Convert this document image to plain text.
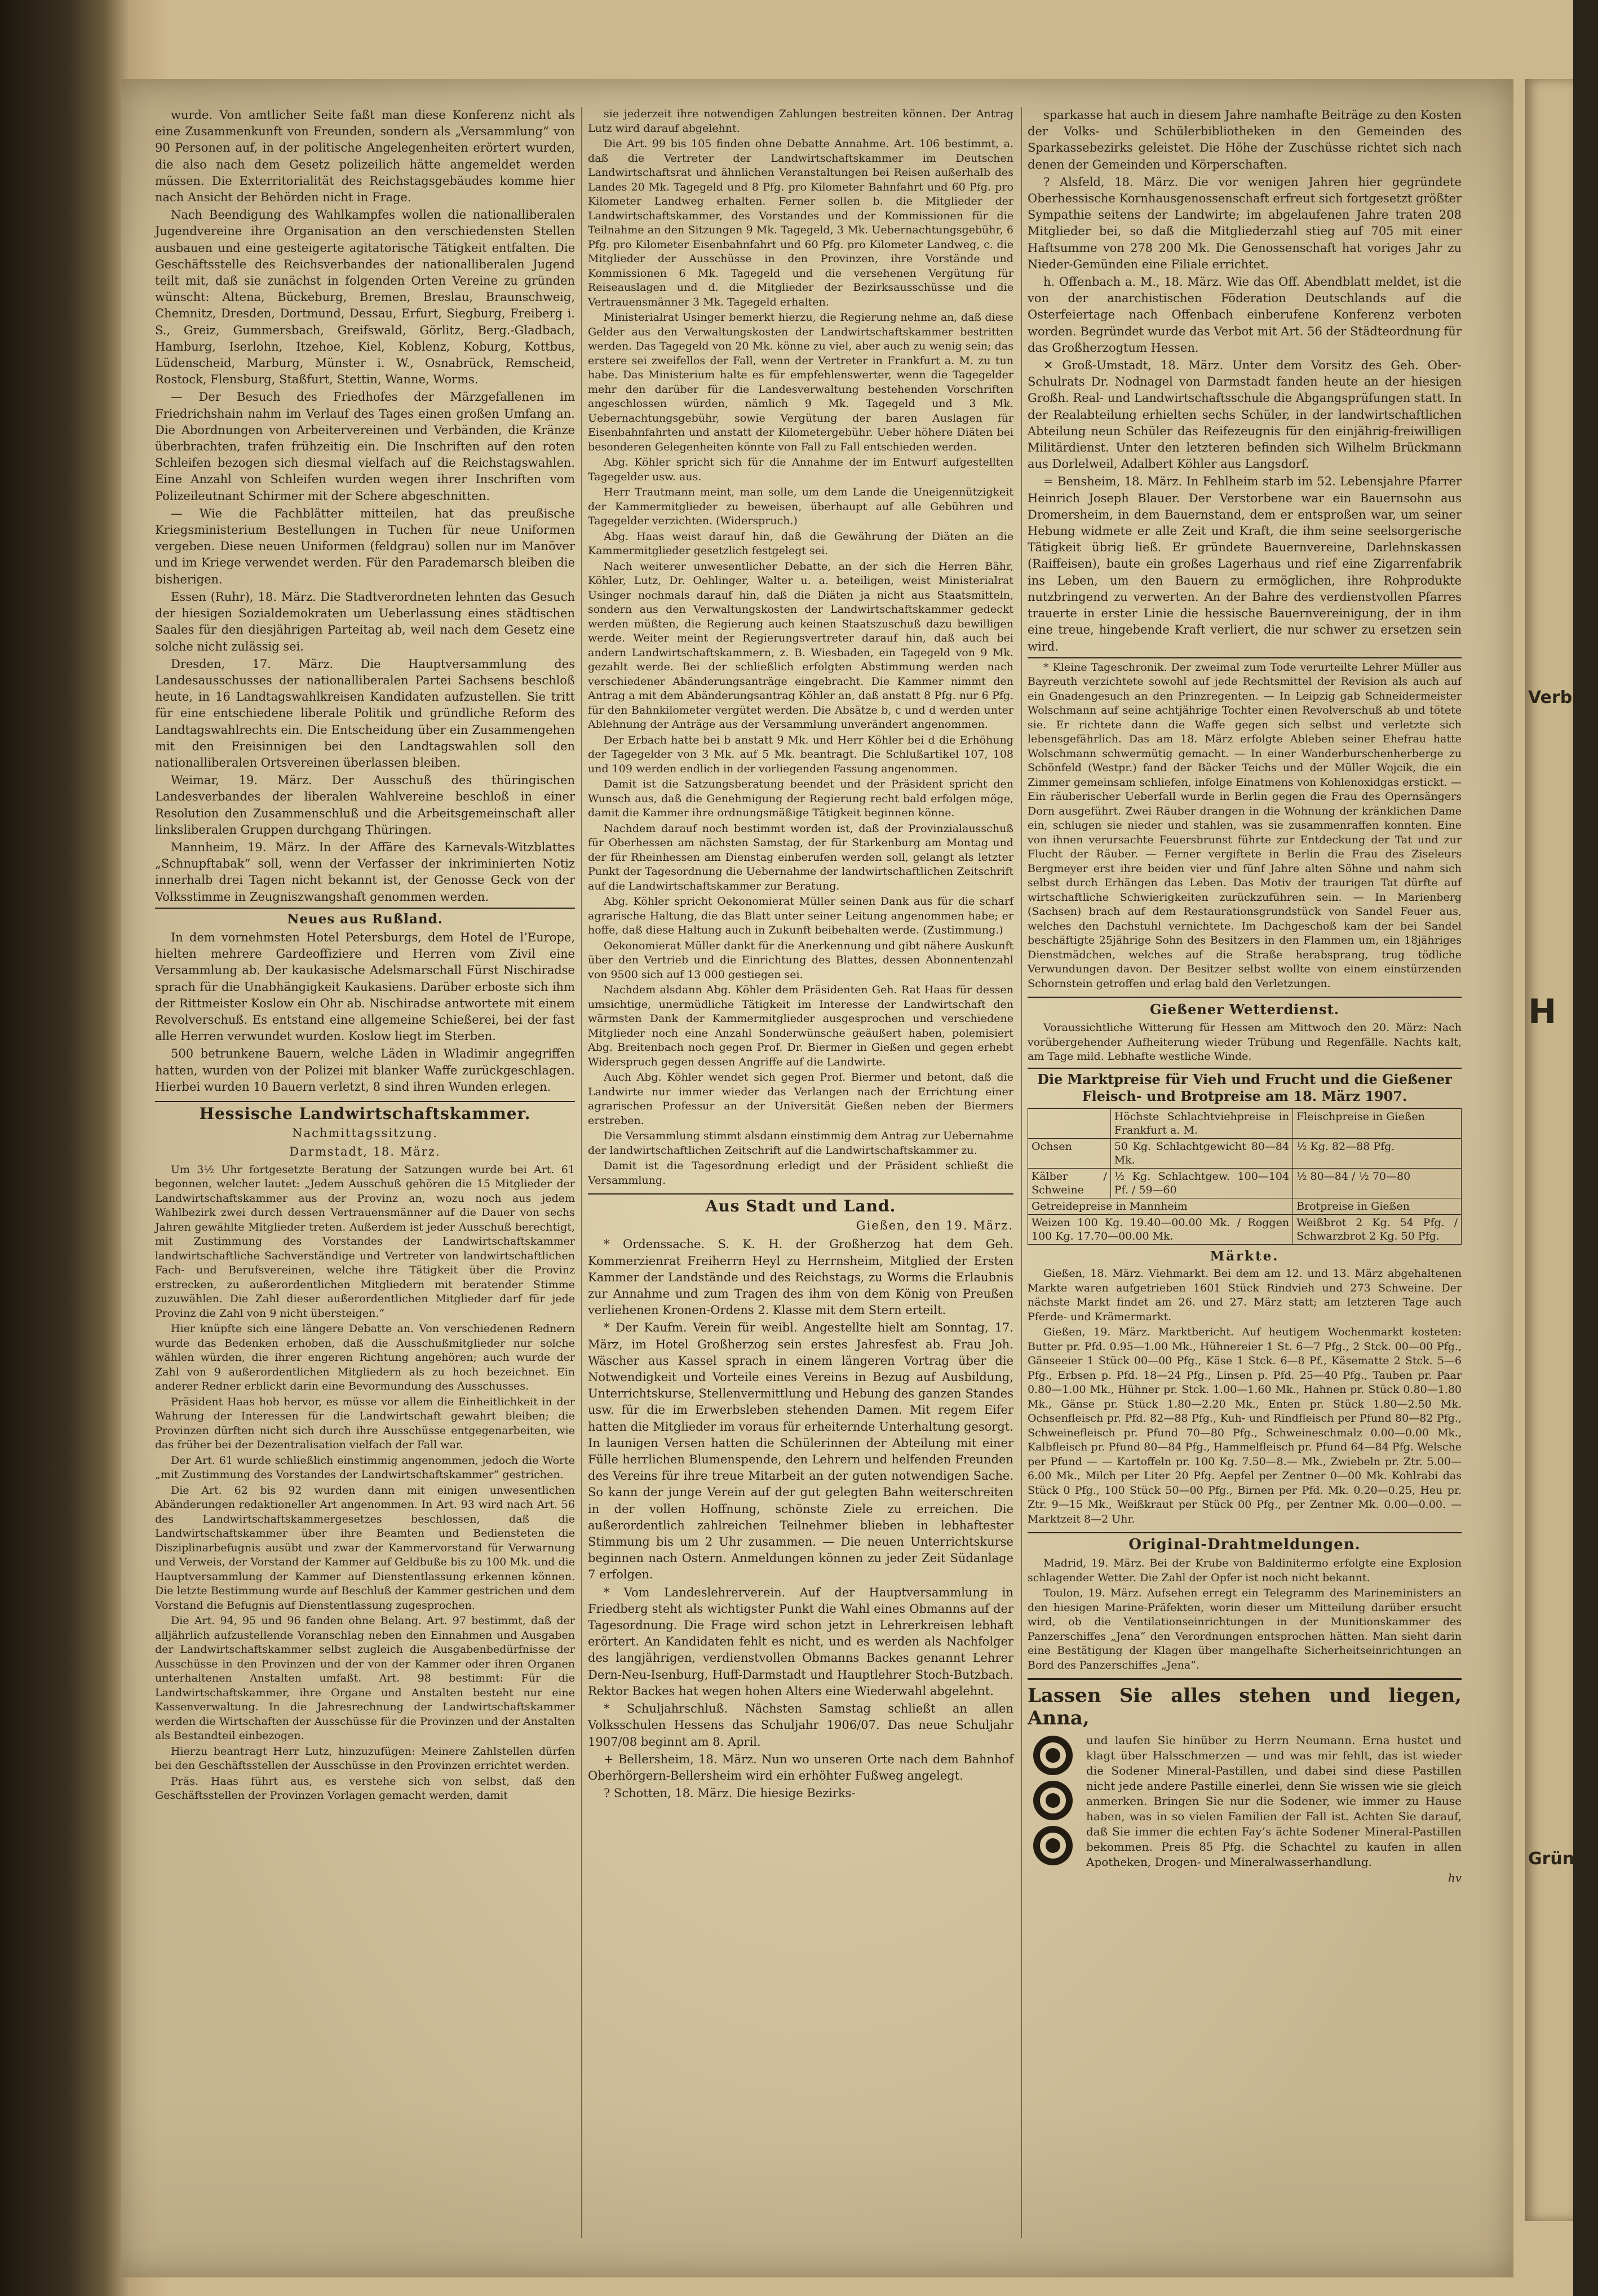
wurde. Von amtlicher Seite faßt man diese Konferenz nicht als eine Zusammenkunft von Freunden, sondern als „Versammlung“ von 90 Personen auf, in der politische Angelegenheiten erörtert wurden, die also nach dem Gesetz polizeilich hätte angemeldet werden müssen. Die Exterritorialität des Reichstagsgebäudes komme hier nach Ansicht der Behörden nicht in Frage.

Nach Beendigung des Wahlkampfes wollen die nationalliberalen Jugendvereine ihre Organisation an den verschiedensten Stellen ausbauen und eine gesteigerte agitatorische Tätigkeit entfalten. Die Geschäftsstelle des Reichsverbandes der nationalliberalen Jugend teilt mit, daß sie zunächst in folgenden Orten Vereine zu gründen wünscht: Altena, Bückeburg, Bremen, Breslau, Braunschweig, Chemnitz, Dresden, Dortmund, Dessau, Erfurt, Siegburg, Freiberg i. S., Greiz, Gummersbach, Greifswald, Görlitz, Berg.-Gladbach, Hamburg, Iserlohn, Itzehoe, Kiel, Koblenz, Koburg, Kottbus, Lüdenscheid, Marburg, Münster i. W., Osnabrück, Remscheid, Rostock, Flensburg, Staßfurt, Stettin, Wanne, Worms.

— Der Besuch des Friedhofes der Märzgefallenen im Friedrichshain nahm im Verlauf des Tages einen großen Umfang an. Die Abordnungen von Arbeitervereinen und Verbänden, die Kränze überbrachten, trafen frühzeitig ein. Die Inschriften auf den roten Schleifen bezogen sich diesmal vielfach auf die Reichstagswahlen. Eine Anzahl von Schleifen wurden wegen ihrer Inschriften vom Polizeileutnant Schirmer mit der Schere abgeschnitten.

— Wie die Fachblätter mitteilen, hat das preußische Kriegsministerium Bestellungen in Tuchen für neue Uniformen vergeben. Diese neuen Uniformen (feldgrau) sollen nur im Manöver und im Kriege verwendet werden. Für den Parademarsch bleiben die bisherigen.

Essen (Ruhr), 18. März. Die Stadtverordneten lehnten das Gesuch der hiesigen Sozialdemokraten um Ueberlassung eines städtischen Saales für den diesjährigen Parteitag ab, weil nach dem Gesetz eine solche nicht zulässig sei.

Dresden, 17. März. Die Hauptversammlung des Landesausschusses der nationalliberalen Partei Sachsens beschloß heute, in 16 Landtagswahlkreisen Kandidaten aufzustellen. Sie tritt für eine entschiedene liberale Politik und gründliche Reform des Landtagswahlrechts ein. Die Entscheidung über ein Zusammengehen mit den Freisinnigen bei den Landtagswahlen soll den nationalliberalen Ortsvereinen überlassen bleiben.

Weimar, 19. März. Der Ausschuß des thüringischen Landesverbandes der liberalen Wahlvereine beschloß in einer Resolution den Zusammenschluß und die Arbeitsgemeinschaft aller linksliberalen Gruppen durchgang Thüringen.

Mannheim, 19. März. In der Affäre des Karnevals-Witzblattes „Schnupftabak“ soll, wenn der Verfasser der inkriminierten Notiz innerhalb drei Tagen nicht bekannt ist, der Genosse Geck von der Volksstimme in Zeugniszwangshaft genommen werden.

Neues aus Rußland.

In dem vornehmsten Hotel Petersburgs, dem Hotel de l’Europe, hielten mehrere Gardeoffiziere und Herren vom Zivil eine Versammlung ab. Der kaukasische Adelsmarschall Fürst Nischiradse sprach für die Unabhängigkeit Kaukasiens. Darüber erboste sich ihm der Rittmeister Koslow ein Ohr ab. Nischiradse antwortete mit einem Revolverschuß. Es entstand eine allgemeine Schießerei, bei der fast alle Herren verwundet wurden. Koslow liegt im Sterben.

500 betrunkene Bauern, welche Läden in Wladimir angegriffen hatten, wurden von der Polizei mit blanker Waffe zurückgeschlagen. Hierbei wurden 10 Bauern verletzt, 8 sind ihren Wunden erlegen.

Hessische Landwirtschaftskammer.
Nachmittagssitzung.
Darmstadt, 18. März.

Um 3½ Uhr fortgesetzte Beratung der Satzungen wurde bei Art. 61 begonnen, welcher lautet: „Jedem Ausschuß gehören die 15 Mitglieder der Landwirtschaftskammer aus der Provinz an, wozu noch aus jedem Wahlbezirk zwei durch dessen Vertrauensmänner auf die Dauer von sechs Jahren gewählte Mitglieder treten. Außerdem ist jeder Ausschuß berechtigt, mit Zustimmung des Vorstandes der Landwirtschaftskammer landwirtschaftliche Sachverständige und Vertreter von landwirtschaftlichen Fach- und Berufsvereinen, welche ihre Tätigkeit über die Provinz erstrecken, zu außerordentlichen Mitgliedern mit beratender Stimme zuzuwählen. Die Zahl dieser außerordentlichen Mitglieder darf für jede Provinz die Zahl von 9 nicht übersteigen.“

Hier knüpfte sich eine längere Debatte an. Von verschiedenen Rednern wurde das Bedenken erhoben, daß die Ausschußmitglieder nur solche wählen würden, die ihrer engeren Richtung angehören; auch wurde der Zahl von 9 außerordentlichen Mitgliedern als zu hoch bezeichnet. Ein anderer Redner erblickt darin eine Bevormundung des Ausschusses.

Präsident Haas hob hervor, es müsse vor allem die Einheitlichkeit in der Wahrung der Interessen für die Landwirtschaft gewahrt bleiben; die Provinzen dürften nicht sich durch ihre Ausschüsse entgegenarbeiten, wie das früher bei der Dezentralisation vielfach der Fall war.

Der Art. 61 wurde schließlich einstimmig angenommen, jedoch die Worte „mit Zustimmung des Vorstandes der Landwirtschaftskammer“ gestrichen.

Die Art. 62 bis 92 wurden dann mit einigen unwesentlichen Abänderungen redaktioneller Art angenommen. In Art. 93 wird nach Art. 56 des Landwirtschaftskammergesetzes beschlossen, daß die Landwirtschaftskammer über ihre Beamten und Bediensteten die Disziplinarbefugnis ausübt und zwar der Kammervorstand für Verwarnung und Verweis, der Vorstand der Kammer auf Geldbuße bis zu 100 Mk. und die Hauptversammlung der Kammer auf Dienstentlassung erkennen können. Die letzte Bestimmung wurde auf Beschluß der Kammer gestrichen und dem Vorstand die Befugnis auf Dienstentlassung zugesprochen.

Die Art. 94, 95 und 96 fanden ohne Belang. Art. 97 bestimmt, daß der alljährlich aufzustellende Voranschlag neben den Einnahmen und Ausgaben der Landwirtschaftskammer selbst zugleich die Ausgabenbedürfnisse der Ausschüsse in den Provinzen und der von der Kammer oder ihren Organen unterhaltenen Anstalten umfaßt. Art. 98 bestimmt: Für die Landwirtschaftskammer, ihre Organe und Anstalten besteht nur eine Kassenverwaltung. In die Jahresrechnung der Landwirtschaftskammer werden die Wirtschaften der Ausschüsse für die Provinzen und der Anstalten als Bestandteil einbezogen.

Hierzu beantragt Herr Lutz, hinzuzufügen: Meinere Zahlstellen dürfen bei den Geschäftsstellen der Ausschüsse in den Provinzen errichtet werden.

Präs. Haas führt aus, es verstehe sich von selbst, daß den Geschäftsstellen der Provinzen Vorlagen gemacht werden, damit

sie jederzeit ihre notwendigen Zahlungen bestreiten können. Der Antrag Lutz wird darauf abgelehnt.

Die Art. 99 bis 105 finden ohne Debatte Annahme. Art. 106 bestimmt, a. daß die Vertreter der Landwirtschaftskammer im Deutschen Landwirtschaftsrat und ähnlichen Veranstaltungen bei Reisen außerhalb des Landes 20 Mk. Tagegeld und 8 Pfg. pro Kilometer Bahnfahrt und 60 Pfg. pro Kilometer Landweg erhalten. Ferner sollen b. die Mitglieder der Landwirtschaftskammer, des Vorstandes und der Kommissionen für die Teilnahme an den Sitzungen 9 Mk. Tagegeld, 3 Mk. Uebernachtungsgebühr, 6 Pfg. pro Kilometer Eisenbahnfahrt und 60 Pfg. pro Kilometer Landweg, c. die Mitglieder der Ausschüsse in den Provinzen, ihre Vorstände und Kommissionen 6 Mk. Tagegeld und die versehenen Vergütung für Reiseauslagen und d. die Mitglieder der Bezirksausschüsse und die Vertrauensmänner 3 Mk. Tagegeld erhalten.

Ministerialrat Usinger bemerkt hierzu, die Regierung nehme an, daß diese Gelder aus den Verwaltungskosten der Landwirtschaftskammer bestritten werden. Das Tagegeld von 20 Mk. könne zu viel, aber auch zu wenig sein; das erstere sei zweifellos der Fall, wenn der Vertreter in Frankfurt a. M. zu tun habe. Das Ministerium halte es für empfehlenswerter, wenn die Tagegelder mehr den darüber für die Landesverwaltung bestehenden Vorschriften angeschlossen würden, nämlich 9 Mk. Tagegeld und 3 Mk. Uebernachtungsgebühr, sowie Vergütung der baren Auslagen für Eisenbahnfahrten und anstatt der Kilometergebühr. Ueber höhere Diäten bei besonderen Gelegenheiten könnte von Fall zu Fall entschieden werden.

Abg. Köhler spricht sich für die Annahme der im Entwurf aufgestellten Tagegelder usw. aus.

Herr Trautmann meint, man solle, um dem Lande die Uneigennützigkeit der Kammermitglieder zu beweisen, überhaupt auf alle Gebühren und Tagegelder verzichten. (Widerspruch.)

Abg. Haas weist darauf hin, daß die Gewährung der Diäten an die Kammermitglieder gesetzlich festgelegt sei.

Nach weiterer unwesentlicher Debatte, an der sich die Herren Bähr, Köhler, Lutz, Dr. Oehlinger, Walter u. a. beteiligen, weist Ministerialrat Usinger nochmals darauf hin, daß die Diäten ja nicht aus Staatsmitteln, sondern aus den Verwaltungskosten der Landwirtschaftskammer gedeckt werden müßten, die Regierung auch keinen Staatszuschuß dazu bewilligen werde. Weiter meint der Regierungsvertreter darauf hin, daß auch bei andern Landwirtschaftskammern, z. B. Wiesbaden, ein Tagegeld von 9 Mk. gezahlt werde. Bei der schließlich erfolgten Abstimmung werden nach verschiedener Abänderungsanträge eingebracht. Die Kammer nimmt den Antrag a mit dem Abänderungsantrag Köhler an, daß anstatt 8 Pfg. nur 6 Pfg. für den Bahnkilometer vergütet werden. Die Absätze b, c und d werden unter Ablehnung der Anträge aus der Versammlung unverändert angenommen.

Der Erbach hatte bei b anstatt 9 Mk. und Herr Köhler bei d die Erhöhung der Tagegelder von 3 Mk. auf 5 Mk. beantragt. Die Schlußartikel 107, 108 und 109 werden endlich in der vorliegenden Fassung angenommen.

Damit ist die Satzungsberatung beendet und der Präsident spricht den Wunsch aus, daß die Genehmigung der Regierung recht bald erfolgen möge, damit die Kammer ihre ordnungsmäßige Tätigkeit beginnen könne.

Nachdem darauf noch bestimmt worden ist, daß der Provinzialausschuß für Oberhessen am nächsten Samstag, der für Starkenburg am Montag und der für Rheinhessen am Dienstag einberufen werden soll, gelangt als letzter Punkt der Tagesordnung die Uebernahme der landwirtschaftlichen Zeitschrift auf die Landwirtschaftskammer zur Beratung.

Abg. Köhler spricht Oekonomierat Müller seinen Dank aus für die scharf agrarische Haltung, die das Blatt unter seiner Leitung angenommen habe; er hoffe, daß diese Haltung auch in Zukunft beibehalten werde. (Zustimmung.)

Oekonomierat Müller dankt für die Anerkennung und gibt nähere Auskunft über den Vertrieb und die Einrichtung des Blattes, dessen Abonnentenzahl von 9500 sich auf 13 000 gestiegen sei.

Nachdem alsdann Abg. Köhler dem Präsidenten Geh. Rat Haas für dessen umsichtige, unermüdliche Tätigkeit im Interesse der Landwirtschaft den wärmsten Dank der Kammermitglieder ausgesprochen und verschiedene Mitglieder noch eine Anzahl Sonderwünsche geäußert haben, polemisiert Abg. Breitenbach noch gegen Prof. Dr. Biermer in Gießen und gegen erhebt Widerspruch gegen dessen Angriffe auf die Landwirte.

Auch Abg. Köhler wendet sich gegen Prof. Biermer und betont, daß die Landwirte nur immer wieder das Verlangen nach der Errichtung einer agrarischen Professur an der Universität Gießen neben der Biermers erstreben.

Die Versammlung stimmt alsdann einstimmig dem Antrag zur Uebernahme der landwirtschaftlichen Zeitschrift auf die Landwirtschaftskammer zu.

Damit ist die Tagesordnung erledigt und der Präsident schließt die Versammlung.

Aus Stadt und Land.
Gießen, den 19. März.

* Ordenssache. S. K. H. der Großherzog hat dem Geh. Kommerzienrat Freiherrn Heyl zu Herrnsheim, Mitglied der Ersten Kammer der Landstände und des Reichstags, zu Worms die Erlaubnis zur Annahme und zum Tragen des ihm von dem König von Preußen verliehenen Kronen-Ordens 2. Klasse mit dem Stern erteilt.

* Der Kaufm. Verein für weibl. Angestellte hielt am Sonntag, 17. März, im Hotel Großherzog sein erstes Jahresfest ab. Frau Joh. Wäscher aus Kassel sprach in einem längeren Vortrag über die Notwendigkeit und Vorteile eines Vereins in Bezug auf Ausbildung, Unterrichtskurse, Stellenvermittlung und Hebung des ganzen Standes usw. für die im Erwerbsleben stehenden Damen. Mit regem Eifer hatten die Mitglieder im voraus für erheiternde Unterhaltung gesorgt. In launigen Versen hatten die Schülerinnen der Abteilung mit einer Fülle herrlichen Blumenspende, den Lehrern und helfenden Freunden des Vereins für ihre treue Mitarbeit an der guten notwendigen Sache. So kann der junge Verein auf der gut gelegten Bahn weiterschreiten in der vollen Hoffnung, schönste Ziele zu erreichen. Die außerordentlich zahlreichen Teilnehmer blieben in lebhaftester Stimmung bis um 2 Uhr zusammen. — Die neuen Unterrichtskurse beginnen nach Ostern. Anmeldungen können zu jeder Zeit Südanlage 7 erfolgen.

* Vom Landeslehrerverein. Auf der Hauptversammlung in Friedberg steht als wichtigster Punkt die Wahl eines Obmanns auf der Tagesordnung. Die Frage wird schon jetzt in Lehrerkreisen lebhaft erörtert. An Kandidaten fehlt es nicht, und es werden als Nachfolger des langjährigen, verdienstvollen Obmanns Backes genannt Lehrer Dern-Neu-Isenburg, Huff-Darmstadt und Hauptlehrer Stoch-Butzbach. Rektor Backes hat wegen hohen Alters eine Wiederwahl abgelehnt.

* Schuljahrschluß. Nächsten Samstag schließt an allen Volksschulen Hessens das Schuljahr 1906/07. Das neue Schuljahr 1907/08 beginnt am 8. April.

+ Bellersheim, 18. März. Nun wo unseren Orte nach dem Bahnhof Oberhörgern-Bellersheim wird ein erhöhter Fußweg angelegt.

? Schotten, 18. März. Die hiesige Bezirks-

sparkasse hat auch in diesem Jahre namhafte Beiträge zu den Kosten der Volks- und Schülerbibliotheken in den Gemeinden des Sparkassebezirks geleistet. Die Höhe der Zuschüsse richtet sich nach denen der Gemeinden und Körperschaften.

? Alsfeld, 18. März. Die vor wenigen Jahren hier gegründete Oberhessische Kornhausgenossenschaft erfreut sich fortgesetzt größter Sympathie seitens der Landwirte; im abgelaufenen Jahre traten 208 Mitglieder bei, so daß die Mitgliederzahl stieg auf 705 mit einer Haftsumme von 278 200 Mk. Die Genossenschaft hat voriges Jahr zu Nieder-Gemünden eine Filiale errichtet.

h. Offenbach a. M., 18. März. Wie das Off. Abendblatt meldet, ist die von der anarchistischen Föderation Deutschlands auf die Osterfeiertage nach Offenbach einberufene Konferenz verboten worden. Begründet wurde das Verbot mit Art. 56 der Städteordnung für das Großherzogtum Hessen.

✕ Groß-Umstadt, 18. März. Unter dem Vorsitz des Geh. Ober-Schulrats Dr. Nodnagel von Darmstadt fanden heute an der hiesigen Großh. Real- und Landwirtschaftsschule die Abgangsprüfungen statt. In der Realabteilung erhielten sechs Schüler, in der landwirtschaftlichen Abteilung neun Schüler das Reifezeugnis für den einjährig-freiwilligen Militärdienst. Unter den letzteren befinden sich Wilhelm Brückmann aus Dorlelweil, Adalbert Köhler aus Langsdorf.

= Bensheim, 18. März. In Fehlheim starb im 52. Lebensjahre Pfarrer Heinrich Joseph Blauer. Der Verstorbene war ein Bauernsohn aus Dromersheim, in dem Bauernstand, dem er entsproßen war, um seiner Hebung widmete er alle Zeit und Kraft, die ihm seine seelsorgerische Tätigkeit übrig ließ. Er gründete Bauernvereine, Darlehnskassen (Raiffeisen), baute ein großes Lagerhaus und rief eine Zigarrenfabrik ins Leben, um den Bauern zu ermöglichen, ihre Rohprodukte nutzbringend zu verwerten. An der Bahre des verdienstvollen Pfarres trauerte in erster Linie die hessische Bauernvereinigung, der in ihm eine treue, hingebende Kraft verliert, die nur schwer zu ersetzen sein wird.

* Kleine Tageschronik. Der zweimal zum Tode verurteilte Lehrer Müller aus Bayreuth verzichtete sowohl auf jede Rechtsmittel der Revision als auch auf ein Gnadengesuch an den Prinzregenten. — In Leipzig gab Schneidermeister Wolschmann auf seine achtjährige Tochter einen Revolverschuß ab und tötete sie. Er richtete dann die Waffe gegen sich selbst und verletzte sich lebensgefährlich. Das am 18. März erfolgte Ableben seiner Ehefrau hatte Wolschmann schwermütig gemacht. — In einer Wanderburschenherberge zu Schönfeld (Westpr.) fand der Bäcker Teichs und der Müller Wojcik, die ein Zimmer gemeinsam schliefen, infolge Einatmens von Kohlenoxidgas erstickt. — Ein räuberischer Ueberfall wurde in Berlin gegen die Frau des Opernsängers Dorn ausgeführt. Zwei Räuber drangen in die Wohnung der kränklichen Dame ein, schlugen sie nieder und stahlen, was sie zusammenraffen konnten. Eine von ihnen verursachte Feuersbrunst führte zur Entdeckung der Tat und zur Flucht der Räuber. — Ferner vergiftete in Berlin die Frau des Ziseleurs Bergmeyer erst ihre beiden vier und fünf Jahre alten Söhne und nahm sich selbst durch Erhängen das Leben. Das Motiv der traurigen Tat dürfte auf wirtschaftliche Schwierigkeiten zurückzuführen sein. — In Marienberg (Sachsen) brach auf dem Restaurationsgrundstück von Sandel Feuer aus, welches den Dachstuhl vernichtete. Im Dachgeschoß kam der bei Sandel beschäftigte 25jährige Sohn des Besitzers in den Flammen um, ein 18jähriges Dienstmädchen, welches auf die Straße herabsprang, trug tödliche Verwundungen davon. Der Besitzer selbst wollte von einem einstürzenden Schornstein getroffen und erlag bald den Verletzungen.

Gießener Wetterdienst.

Voraussichtliche Witterung für Hessen am Mittwoch den 20. März: Nach vorübergehender Aufheiterung wieder Trübung und Regenfälle. Nachts kalt, am Tage mild. Lebhafte westliche Winde.

Die Marktpreise für Vieh und Frucht und die Gießener Fleisch- und Brotpreise am 18. März 1907.
	Höchste Schlachtviehpreise in Frankfurt a. M.	Fleischpreise in Gießen
Ochsen	50 Kg. Schlachtgewicht 80—84 Mk.	½ Kg. 82—88 Pfg.
Kälber / Schweine	½ Kg. Schlachtgew. 100—104 Pf. / 59—60	½ 80—84 / ½ 70—80
Getreidepreise in Mannheim		Brotpreise in Gießen
Weizen 100 Kg. 19.40—00.00 Mk. / Roggen 100 Kg. 17.70—00.00 Mk.		Weißbrot 2 Kg. 54 Pfg. / Schwarzbrot 2 Kg. 50 Pfg.
Märkte.

Gießen, 18. März. Viehmarkt. Bei dem am 12. und 13. März abgehaltenen Markte waren aufgetrieben 1601 Stück Rindvieh und 273 Schweine. Der nächste Markt findet am 26. und 27. März statt; am letzteren Tage auch Pferde- und Krämermarkt.

Gießen, 19. März. Marktbericht. Auf heutigem Wochenmarkt kosteten: Butter pr. Pfd. 0.95—1.00 Mk., Hühnereier 1 St. 6—7 Pfg., 2 Stck. 00—00 Pfg., Gänseeier 1 Stück 00—00 Pfg., Käse 1 Stck. 6—8 Pf., Käsematte 2 Stck. 5—6 Pfg., Erbsen p. Pfd. 18—24 Pfg., Linsen p. Pfd. 25—40 Pfg., Tauben pr. Paar 0.80—1.00 Mk., Hühner pr. Stck. 1.00—1.60 Mk., Hahnen pr. Stück 0.80—1.80 Mk., Gänse pr. Stück 1.80—2.20 Mk., Enten pr. Stück 1.80—2.50 Mk. Ochsenfleisch pr. Pfd. 82—88 Pfg., Kuh- und Rindfleisch per Pfund 80—82 Pfg., Schweinefleisch pr. Pfund 70—80 Pfg., Schweineschmalz 0.00—0.00 Mk., Kalbfleisch pr. Pfund 80—84 Pfg., Hammelfleisch pr. Pfund 64—84 Pfg. Welsche per Pfund — — Kartoffeln pr. 100 Kg. 7.50—8.— Mk., Zwiebeln pr. Ztr. 5.00—6.00 Mk., Milch per Liter 20 Pfg. Aepfel per Zentner 0—00 Mk. Kohlrabi das Stück 0 Pfg., 100 Stück 50—00 Pfg., Birnen per Pfd. Mk. 0.20—0.25, Heu pr. Ztr. 9—15 Mk., Weißkraut per Stück 00 Pfg., per Zentner Mk. 0.00—0.00. — Marktzeit 8—2 Uhr.

Original-Drahtmeldungen.

Madrid, 19. März. Bei der Krube von Baldinitermo erfolgte eine Explosion schlagender Wetter. Die Zahl der Opfer ist noch nicht bekannt.

Toulon, 19. März. Aufsehen erregt ein Telegramm des Marineministers an den hiesigen Marine-Präfekten, worin dieser um Mitteilung darüber ersucht wird, ob die Ventilationseinrichtungen in der Munitionskammer des Panzerschiffes „Jena“ den Verordnungen entsprochen hätten. Man sieht darin eine Bestätigung der Klagen über mangelhafte Sicherheitseinrichtungen an Bord des Panzerschiffes „Jena“.

Lassen Sie alles stehen und liegen, Anna,
und laufen Sie hinüber zu Herrn Neumann. Erna hustet und klagt über Halsschmerzen — und was mir fehlt, das ist wieder die Sodener Mineral-Pastillen, und dabei sind diese Pastillen nicht jede andere Pastille einerlei, denn Sie wissen wie sie gleich anmerken. Bringen Sie nur die Sodener, wie immer zu Hause haben, was in so vielen Familien der Fall ist. Achten Sie darauf, daß Sie immer die echten Fay’s ächte Sodener Mineral-Pastillen bekommen. Preis 85 Pfg. die Schachtel zu kaufen in allen Apotheken, Drogen- und Mineralwasserhandlung.
hv
Verbin
H
Grünbe
